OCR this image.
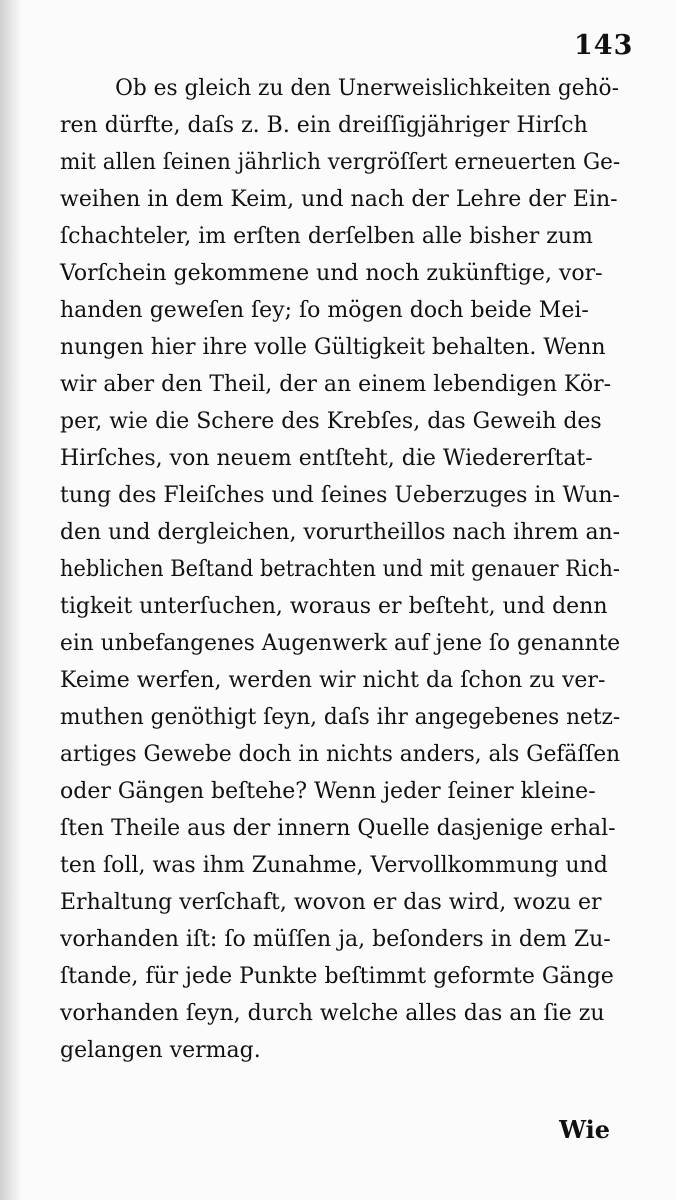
143
Ob es gleich zu den Unerweislichkeiten gehö-
ren dürfte, daſs z. B. ein dreiſſigjähriger Hirſch
mit allen ſeinen jährlich vergröſſert erneuerten Ge-
weihen in dem Keim, und nach der Lehre der Ein-
ſchachteler, im erſten derſelben alle bisher zum
Vorſchein gekommene und noch zukünftige, vor-
handen geweſen ſey; ſo mögen doch beide Mei-
nungen hier ihre volle Gültigkeit behalten. Wenn
wir aber den Theil, der an einem lebendigen Kör-
per, wie die Schere des Krebſes, das Geweih des
Hirſches, von neuem entſteht, die Wiedererſtat-
tung des Fleiſches und ſeines Ueberzuges in Wun-
den und dergleichen, vorurtheillos nach ihrem an-
heblichen Beſtand betrachten und mit genauer Rich-
tigkeit unterſuchen, woraus er beſteht, und denn
ein unbefangenes Augenwerk auf jene ſo genannte
Keime werfen, werden wir nicht da ſchon zu ver-
muthen genöthigt ſeyn, daſs ihr angegebenes netz-
artiges Gewebe doch in nichts anders, als Gefäſſen
oder Gängen beſtehe? Wenn jeder ſeiner kleine-
ſten Theile aus der innern Quelle dasjenige erhal-
ten ſoll, was ihm Zunahme, Vervollkommung und
Erhaltung verſchaft, wovon er das wird, wozu er
vorhanden iſt: ſo müſſen ja, beſonders in dem Zu-
ſtande, für jede Punkte beſtimmt geformte Gänge
vorhanden ſeyn, durch welche alles das an ſie zu
gelangen vermag.
Wie
